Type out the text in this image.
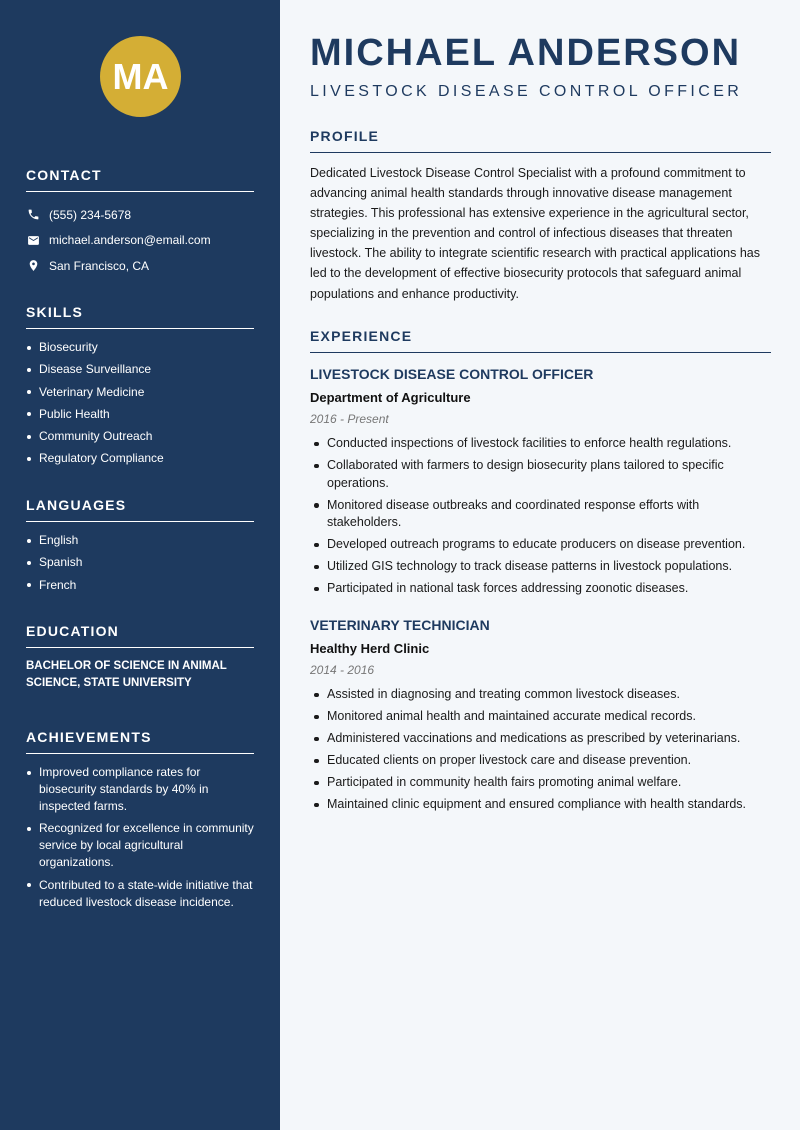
MA
CONTACT
(555) 234-5678
michael.anderson@email.com
San Francisco, CA
SKILLS
Biosecurity
Disease Surveillance
Veterinary Medicine
Public Health
Community Outreach
Regulatory Compliance
LANGUAGES
English
Spanish
French
EDUCATION

BACHELOR OF SCIENCE IN ANIMAL SCIENCE, STATE UNIVERSITY

ACHIEVEMENTS
Improved compliance rates for biosecurity standards by 40% in inspected farms.
Recognized for excellence in community service by local agricultural organizations.
Contributed to a state-wide initiative that reduced livestock disease incidence.
MICHAEL ANDERSON
LIVESTOCK DISEASE CONTROL OFFICER
PROFILE

Dedicated Livestock Disease Control Specialist with a profound commitment to advancing animal health standards through innovative disease management strategies. This professional has extensive experience in the agricultural sector, specializing in the prevention and control of infectious diseases that threaten livestock. The ability to integrate scientific research with practical applications has led to the development of effective biosecurity protocols that safeguard animal populations and enhance productivity.

EXPERIENCE
LIVESTOCK DISEASE CONTROL OFFICER
Department of Agriculture
2016 - Present
Conducted inspections of livestock facilities to enforce health regulations.
Collaborated with farmers to design biosecurity plans tailored to specific operations.
Monitored disease outbreaks and coordinated response efforts with stakeholders.
Developed outreach programs to educate producers on disease prevention.
Utilized GIS technology to track disease patterns in livestock populations.
Participated in national task forces addressing zoonotic diseases.
VETERINARY TECHNICIAN
Healthy Herd Clinic
2014 - 2016
Assisted in diagnosing and treating common livestock diseases.
Monitored animal health and maintained accurate medical records.
Administered vaccinations and medications as prescribed by veterinarians.
Educated clients on proper livestock care and disease prevention.
Participated in community health fairs promoting animal welfare.
Maintained clinic equipment and ensured compliance with health standards.
